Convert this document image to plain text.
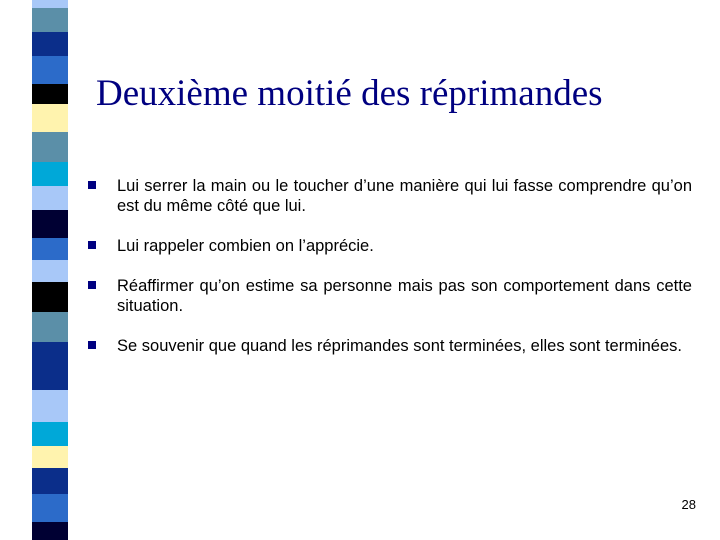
Deuxième moitié des réprimandes
Lui serrer la main ou le toucher d’une manière qui lui fasse comprendre qu’on est du même côté que lui.
Lui rappeler combien on l’apprécie.
Réaffirmer qu’on estime sa personne mais pas son comportement dans cette situation.
Se souvenir que quand les réprimandes sont terminées, elles sont terminées.
28
